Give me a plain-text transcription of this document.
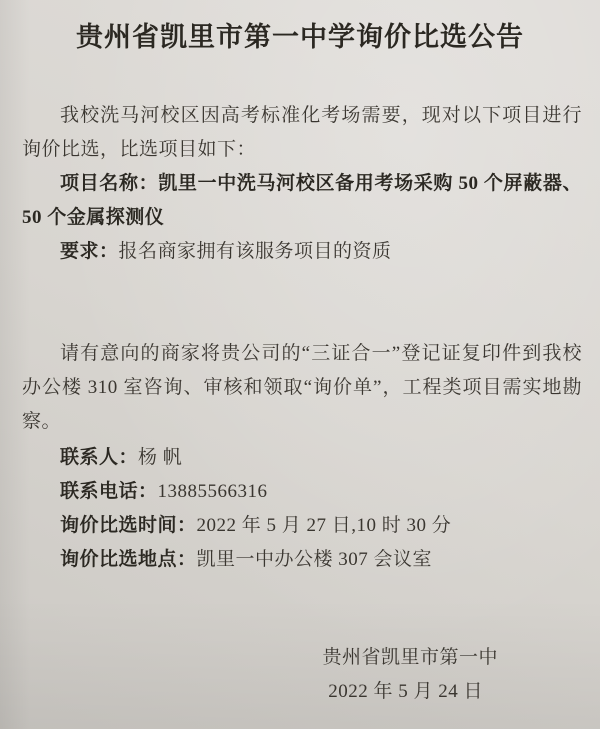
贵州省凯里市第一中学询价比选公告

我校洗马河校区因高考标准化考场需要，现对以下项目进行询价比选，比选项目如下：

项目名称：凯里一中洗马河校区备用考场采购 50 个屏蔽器、50 个金属探测仪

要求：报名商家拥有该服务项目的资质

请有意向的商家将贵公司的“三证合一”登记证复印件到我校办公楼 310 室咨询、审核和领取“询价单”，工程类项目需实地勘察。

联系人：杨 帆

联系电话：13885566316

询价比选时间：2022 年 5 月 27 日,10 时 30 分

询价比选地点：凯里一中办公楼 307 会议室

贵州省凯里市第一中

2022 年 5 月 24 日
